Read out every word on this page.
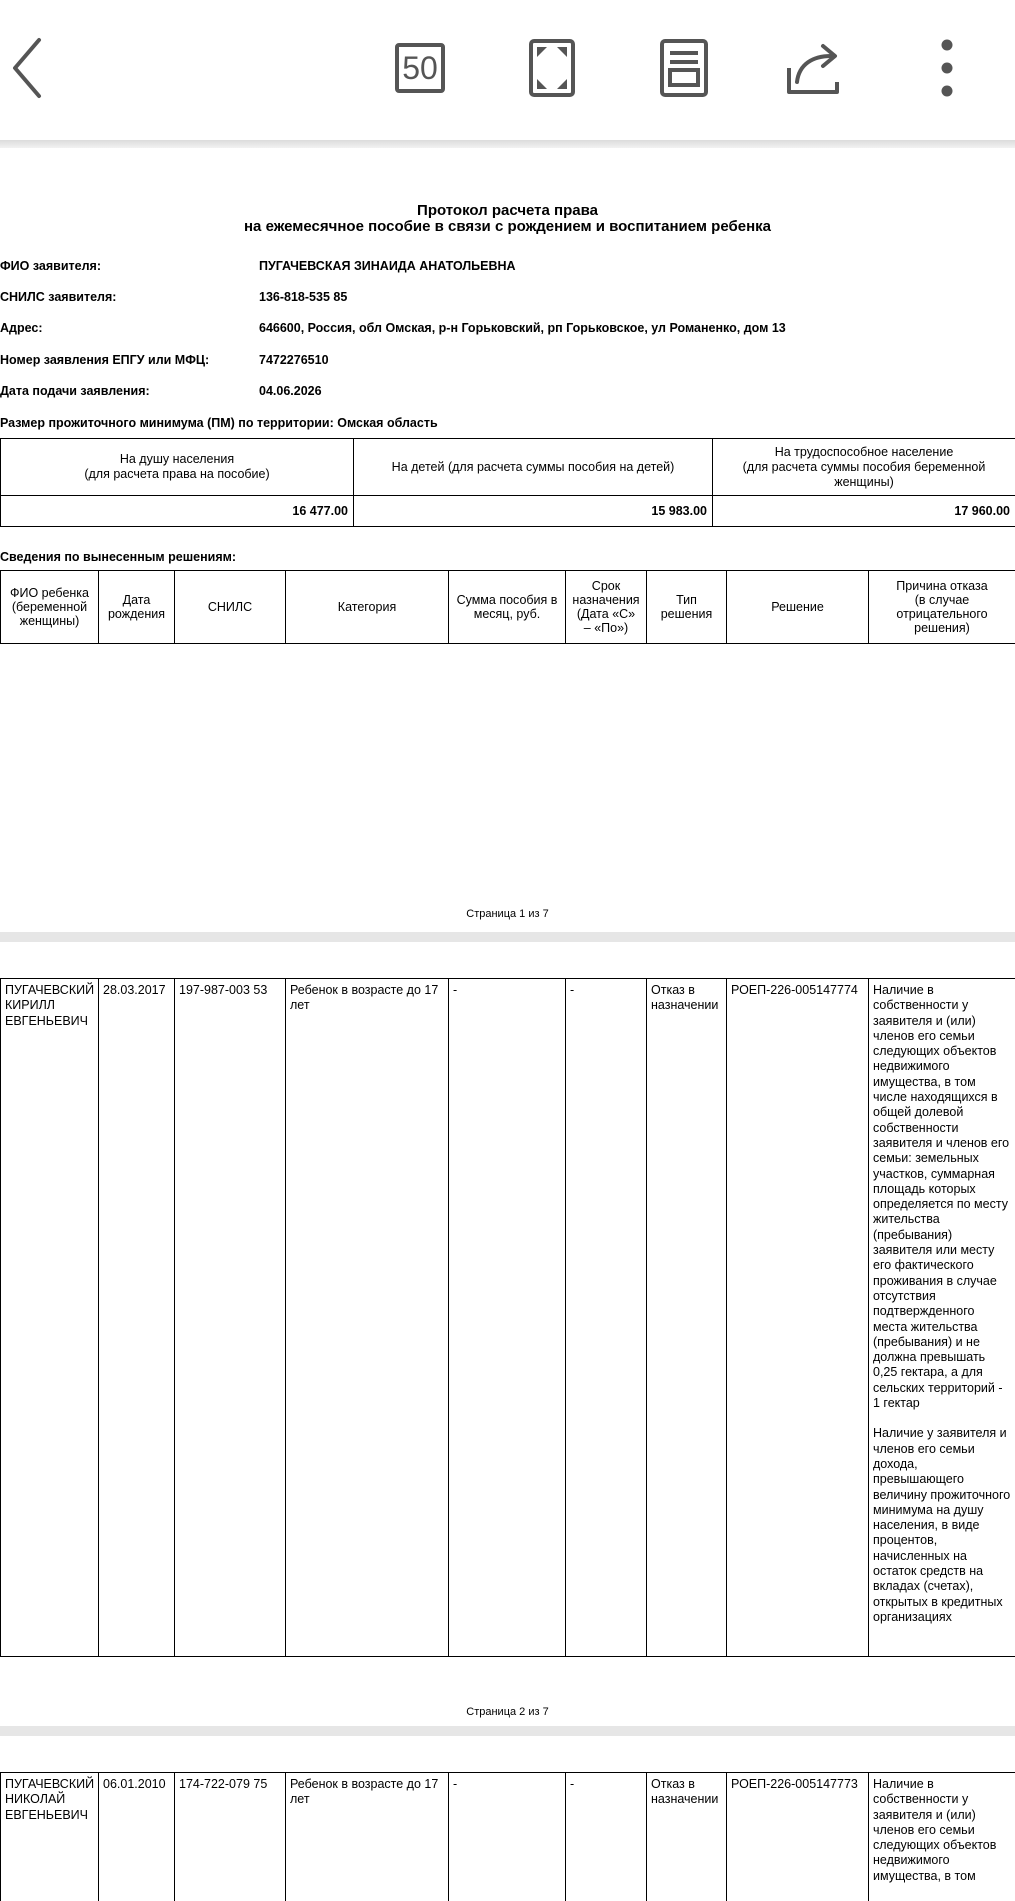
50
Протокол расчета права
на ежемесячное пособие в связи с рождением и воспитанием ребенка
ФИО заявителя:	ПУГАЧЕВСКАЯ ЗИНАИДА АНАТОЛЬЕВНА
СНИЛС заявителя:	136-818-535 85
Адрес:	646600, Россия, обл Омская, р-н Горьковский, рп Горьковское, ул Романенко, дом 13
Номер заявления ЕПГУ или МФЦ:	7472276510
Дата подачи заявления:	04.06.2026
Размер прожиточного минимума (ПМ) по территории: Омская область
На душу населения
(для расчета права на пособие)	На детей (для расчета суммы пособия на детей)	На трудоспособное население
(для расчета суммы пособия беременной женщины)
16 477.00	15 983.00	17 960.00
Сведения по вынесенным решениям:
ФИО ребенка
(беременной
женщины)	Дата
рождения	СНИЛС	Категория	Сумма пособия в
месяц, руб.	Срок
назначения
(Дата «С»
– «По»)	Тип
решения	Решение	Причина отказа
(в случае
отрицательного
решения)
Страница 1 из 7
ПУГАЧЕВСКИЙ КИРИЛЛ ЕВГЕНЬЕВИЧ	28.03.2017	197-987-003 53	Ребенок в возрасте до 17 лет	-	-	Отказ в назначении	РОЕП-226-005147774	Наличие в собственности у заявителя и (или) членов его семьи следующих объектов недвижимого имущества, в том числе находящихся в общей долевой собственности заявителя и членов его семьи: земельных участков, суммарная площадь которых определяется по месту жительства (пребывания) заявителя или месту его фактического проживания в случае отсутствия подтвержденного места жительства (пребывания) и не должна превышать 0,25 гектара, а для сельских территорий - 1 гектар

Наличие у заявителя и членов его семьи дохода, превышающего величину прожиточного минимума на душу населения, в виде процентов, начисленных на остаток средств на вкладах (счетах), открытых в кредитных организациях

Страница 2 из 7
ПУГАЧЕВСКИЙ НИКОЛАЙ ЕВГЕНЬЕВИЧ	06.01.2010	174-722-079 75	Ребенок в возрасте до 17 лет	-	-	Отказ в назначении	РОЕП-226-005147773	Наличие в собственности у заявителя и (или) членов его семьи следующих объектов недвижимого имущества, в том
